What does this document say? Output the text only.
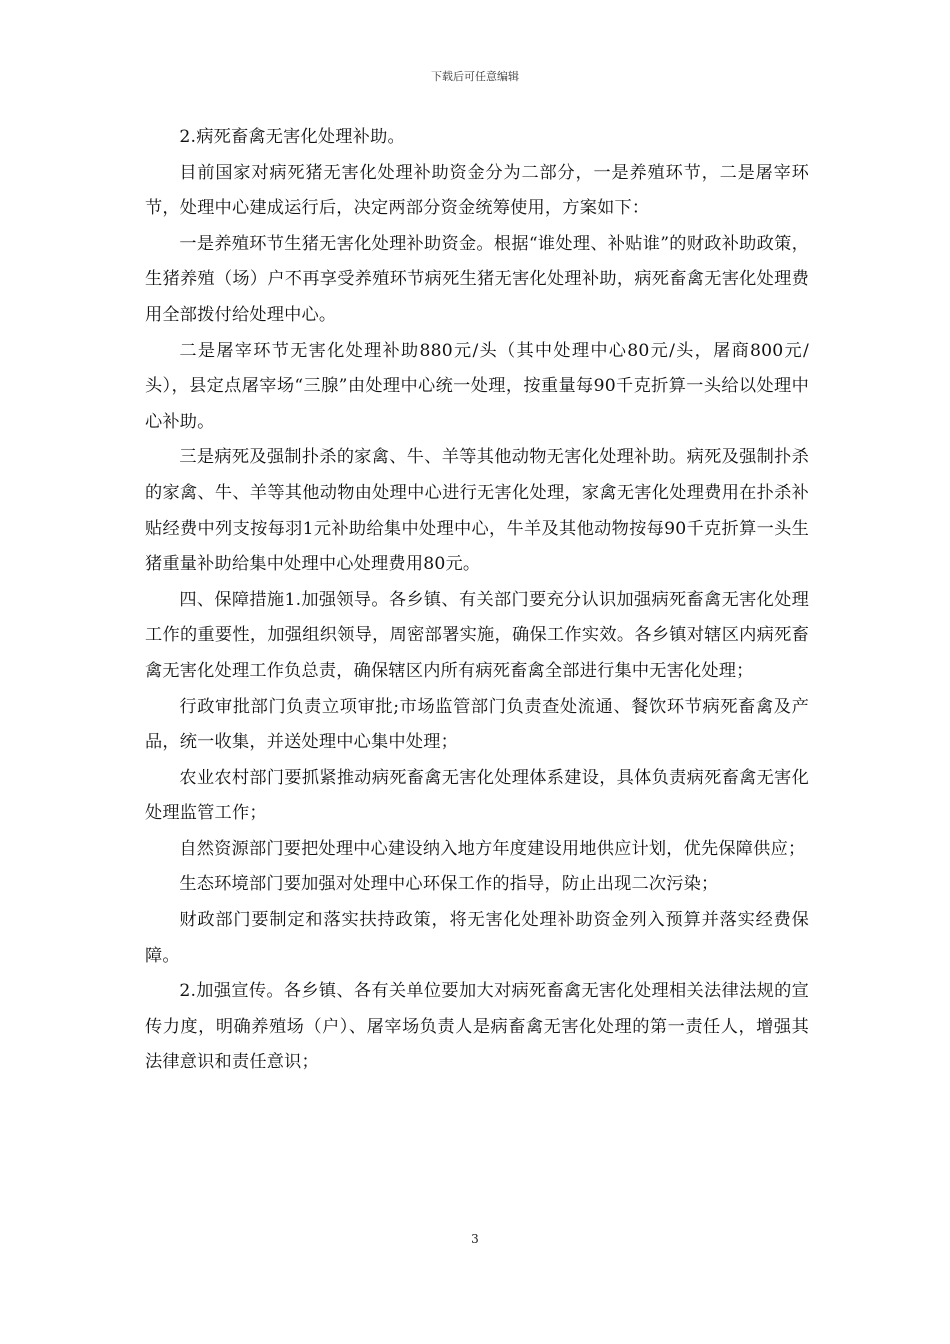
下载后可任意编辑

2.病死畜禽无害化处理补助。

目前国家对病死猪无害化处理补助资金分为二部分，一是养殖环节，二是屠宰环节，处理中心建成运行后，决定两部分资金统筹使用，方案如下：

一是养殖环节生猪无害化处理补助资金。根据“谁处理、补贴谁”的财政补助政策，生猪养殖（场）户不再享受养殖环节病死生猪无害化处理补助，病死畜禽无害化处理费用全部拨付给处理中心。

二是屠宰环节无害化处理补助880元/头（其中处理中心80元/头，屠商800元/头），县定点屠宰场“三腺”由处理中心统一处理，按重量每90千克折算一头给以处理中心补助。

三是病死及强制扑杀的家禽、牛、羊等其他动物无害化处理补助。病死及强制扑杀的家禽、牛、羊等其他动物由处理中心进行无害化处理，家禽无害化处理费用在扑杀补贴经费中列支按每羽1元补助给集中处理中心，牛羊及其他动物按每90千克折算一头生猪重量补助给集中处理中心处理费用80元。

四、保障措施1.加强领导。各乡镇、有关部门要充分认识加强病死畜禽无害化处理工作的重要性，加强组织领导，周密部署实施，确保工作实效。各乡镇对辖区内病死畜禽无害化处理工作负总责，确保辖区内所有病死畜禽全部进行集中无害化处理；

行政审批部门负责立项审批;市场监管部门负责查处流通、餐饮环节病死畜禽及产品，统一收集，并送处理中心集中处理；

农业农村部门要抓紧推动病死畜禽无害化处理体系建设，具体负责病死畜禽无害化处理监管工作；

自然资源部门要把处理中心建设纳入地方年度建设用地供应计划，优先保障供应；

生态环境部门要加强对处理中心环保工作的指导，防止出现二次污染；

财政部门要制定和落实扶持政策，将无害化处理补助资金列入预算并落实经费保障。

2.加强宣传。各乡镇、各有关单位要加大对病死畜禽无害化处理相关法律法规的宣传力度，明确养殖场（户）、屠宰场负责人是病畜禽无害化处理的第一责任人，增强其法律意识和责任意识；

3
